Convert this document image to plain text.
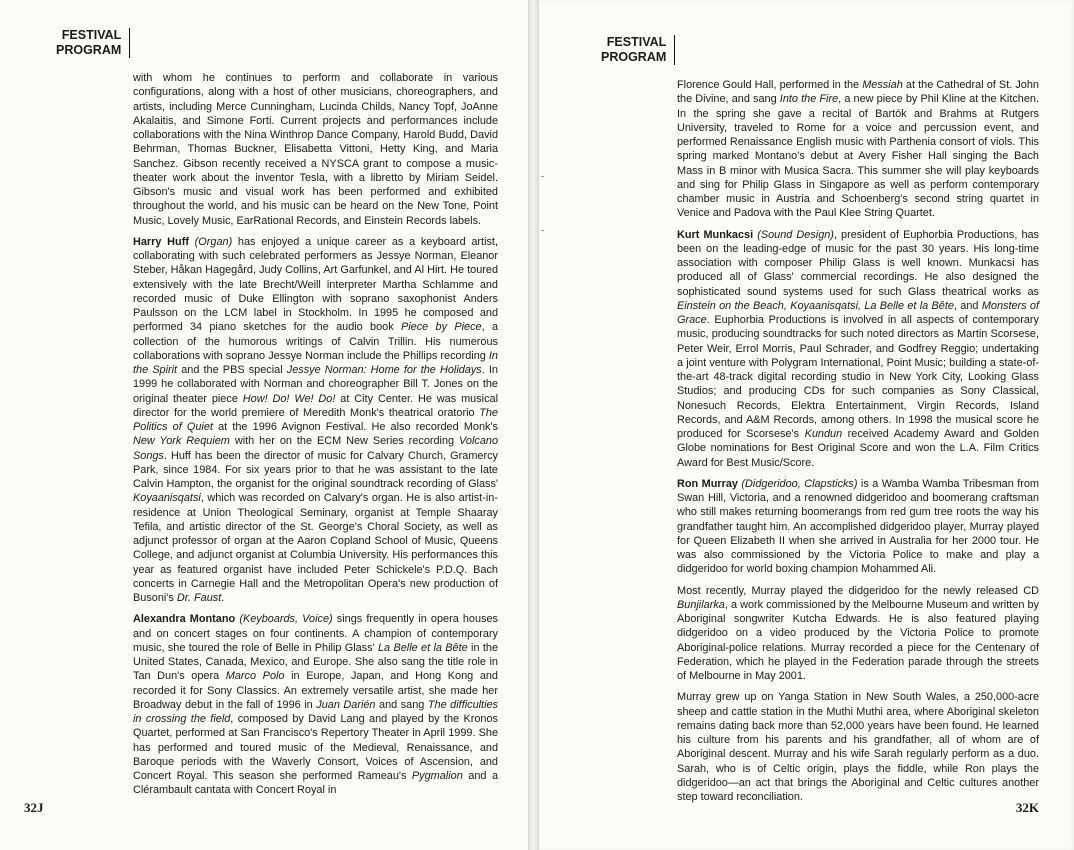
FESTIVAL
PROGRAM

with whom he continues to perform and collaborate in various configurations, along with a host of other musicians, choreographers, and artists, including Merce Cunningham, Lucinda Childs, Nancy Topf, JoAnne Akalaitis, and Simone Forti. Current projects and performances include collaborations with the Nina Winthrop Dance Company, Harold Budd, David Behrman, Thomas Buckner, Elisabetta Vittoni, Hetty King, and Maria Sanchez. Gibson recently received a NYSCA grant to compose a music-theater work about the inventor Tesla, with a libretto by Miriam Seidel. Gibson's music and visual work has been performed and exhibited throughout the world, and his music can be heard on the New Tone, Point Music, Lovely Music, EarRational Records, and Einstein Records labels.

Harry Huff (Organ) has enjoyed a unique career as a keyboard artist, collaborating with such celebrated performers as Jessye Norman, Eleanor Steber, Håkan Hagegård, Judy Collins, Art Garfunkel, and Al Hirt. He toured extensively with the late Brecht/Weill interpreter Martha Schlamme and recorded music of Duke Ellington with soprano saxophonist Anders Paulsson on the LCM label in Stockholm. In 1995 he composed and performed 34 piano sketches for the audio book Piece by Piece, a collection of the humorous writings of Calvin Trillin. His numerous collaborations with soprano Jessye Norman include the Phillips recording In the Spirit and the PBS special Jessye Norman: Home for the Holidays. In 1999 he collaborated with Norman and choreographer Bill T. Jones on the original theater piece How! Do! We! Do! at City Center. He was musical director for the world premiere of Meredith Monk's theatrical oratorio The Politics of Quiet at the 1996 Avignon Festival. He also recorded Monk's New York Requiem with her on the ECM New Series recording Volcano Songs. Huff has been the director of music for Calvary Church, Gramercy Park, since 1984. For six years prior to that he was assistant to the late Calvin Hampton, the organist for the original soundtrack recording of Glass' Koyaanisqatsi, which was recorded on Calvary's organ. He is also artist-in-residence at Union Theological Seminary, organist at Temple Shaaray Tefila, and artistic director of the St. George's Choral Society, as well as adjunct professor of organ at the Aaron Copland School of Music, Queens College, and adjunct organist at Columbia University. His performances this year as featured organist have included Peter Schickele's P.D.Q. Bach concerts in Carnegie Hall and the Metropolitan Opera's new production of Busoni's Dr. Faust.

Alexandra Montano (Keyboards, Voice) sings frequently in opera houses and on concert stages on four continents. A champion of contemporary music, she toured the role of Belle in Philip Glass' La Belle et la Bête in the United States, Canada, Mexico, and Europe. She also sang the title role in Tan Dun's opera Marco Polo in Europe, Japan, and Hong Kong and recorded it for Sony Classics. An extremely versatile artist, she made her Broadway debut in the fall of 1996 in Juan Darién and sang The difficulties in crossing the field, composed by David Lang and played by the Kronos Quartet, performed at San Francisco's Repertory Theater in April 1999. She has performed and toured music of the Medieval, Renaissance, and Baroque periods with the Waverly Consort, Voices of Ascension, and Concert Royal. This season she performed Rameau's Pygmalion and a Clérambault cantata with Concert Royal in

32J
FESTIVAL
PROGRAM

Florence Gould Hall, performed in the Messiah at the Cathedral of St. John the Divine, and sang Into the Fire, a new piece by Phil Kline at the Kitchen. In the spring she gave a recital of Bartók and Brahms at Rutgers University, traveled to Rome for a voice and percussion event, and performed Renaissance English music with Parthenia consort of viols. This spring marked Montano's debut at Avery Fisher Hall singing the Bach Mass in B minor with Musica Sacra. This summer she will play keyboards and sing for Philip Glass in Singapore as well as perform contemporary chamber music in Austria and Schoenberg's second string quartet in Venice and Padova with the Paul Klee String Quartet.

Kurt Munkacsi (Sound Design), president of Euphorbia Productions, has been on the leading-edge of music for the past 30 years. His long-time association with composer Philip Glass is well known. Munkacsi has produced all of Glass' commercial recordings. He also designed the sophisticated sound systems used for such Glass theatrical works as Einstein on the Beach, Koyaanisqatsi, La Belle et la Bête, and Monsters of Grace. Euphorbia Productions is involved in all aspects of contemporary music, producing soundtracks for such noted directors as Martin Scorsese, Peter Weir, Errol Morris, Paul Schrader, and Godfrey Reggio; undertaking a joint venture with Polygram International, Point Music; building a state-of-the-art 48-track digital recording studio in New York City, Looking Glass Studios; and producing CDs for such companies as Sony Classical, Nonesuch Records, Elektra Entertainment, Virgin Records, Island Records, and A&M Records, among others. In 1998 the musical score he produced for Scorsese's Kundun received Academy Award and Golden Globe nominations for Best Original Score and won the L.A. Film Critics Award for Best Music/Score.

Ron Murray (Didgeridoo, Clapsticks) is a Wamba Wamba Tribesman from Swan Hill, Victoria, and a renowned didgeridoo and boomerang craftsman who still makes returning boomerangs from red gum tree roots the way his grandfather taught him. An accomplished didgeridoo player, Murray played for Queen Elizabeth II when she arrived in Australia for her 2000 tour. He was also commissioned by the Victoria Police to make and play a didgeridoo for world boxing champion Mohammed Ali.

Most recently, Murray played the didgeridoo for the newly released CD Bunjilarka, a work commissioned by the Melbourne Museum and written by Aboriginal songwriter Kutcha Edwards. He is also featured playing didgeridoo on a video produced by the Victoria Police to promote Aboriginal-police relations. Murray recorded a piece for the Centenary of Federation, which he played in the Federation parade through the streets of Melbourne in May 2001.

Murray grew up on Yanga Station in New South Wales, a 250,000-acre sheep and cattle station in the Muthi Muthi area, where Aboriginal skeleton remains dating back more than 52,000 years have been found. He learned his culture from his parents and his grandfather, all of whom are of Aboriginal descent. Murray and his wife Sarah regularly perform as a duo. Sarah, who is of Celtic origin, plays the fiddle, while Ron plays the didgeridoo—an act that brings the Aboriginal and Celtic cultures another step toward reconciliation.

32K
